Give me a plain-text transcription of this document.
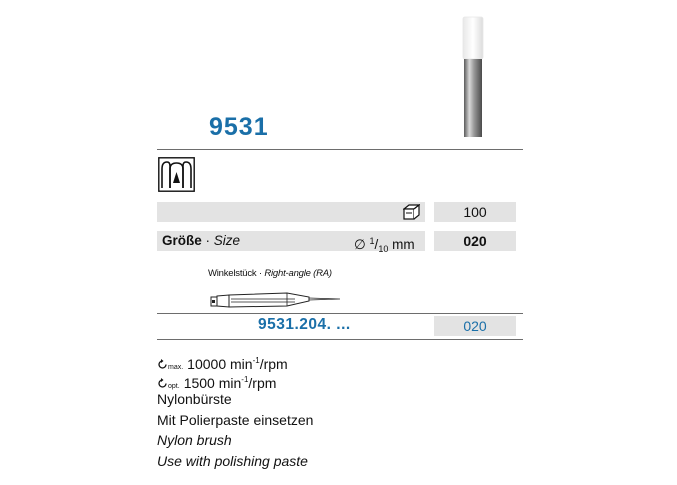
9531
100
Größe · Size	∅ $^1/_{10}$ mm	020
Winkelstück · Right-angle (RA)
9531.204. ...	020
max. 10000 $\min^{-1}$/rpm
opt. 1500 $\min^{-1}$/rpm
Nylonbürste
Mit Polierpaste einsetzen
Nylon brush
Use with polishing paste
